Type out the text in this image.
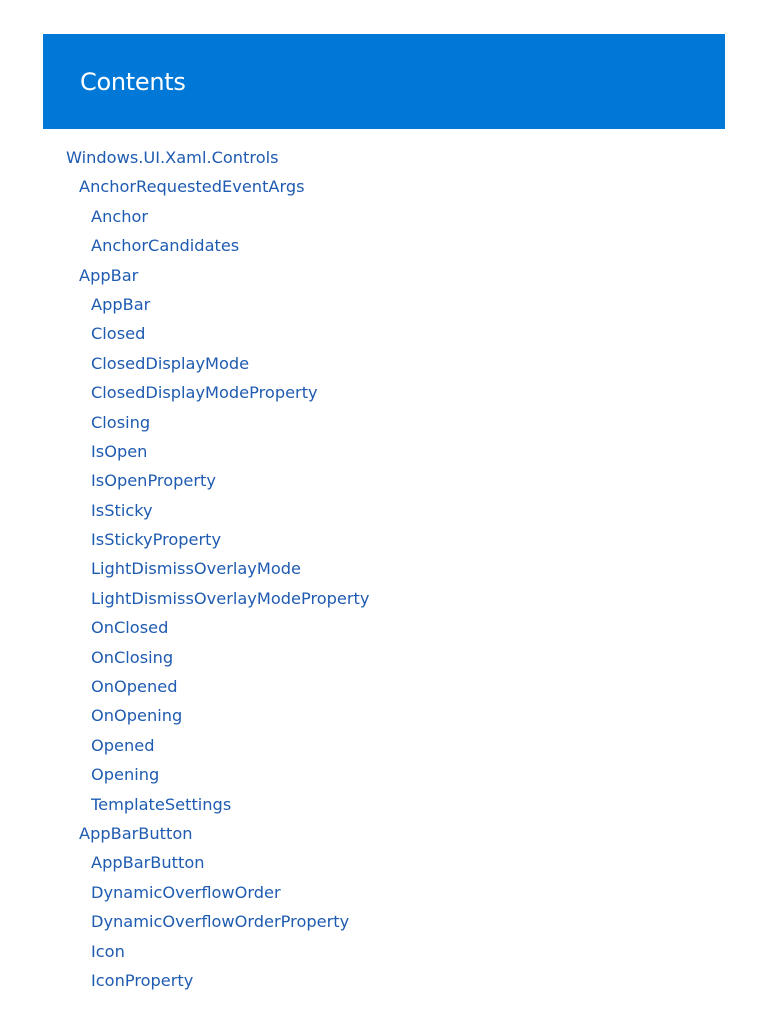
Contents
Windows.UI.Xaml.Controls
AnchorRequestedEventArgs
Anchor
AnchorCandidates
AppBar
AppBar
Closed
ClosedDisplayMode
ClosedDisplayModeProperty
Closing
IsOpen
IsOpenProperty
IsSticky
IsStickyProperty
LightDismissOverlayMode
LightDismissOverlayModeProperty
OnClosed
OnClosing
OnOpened
OnOpening
Opened
Opening
TemplateSettings
AppBarButton
AppBarButton
DynamicOverflowOrder
DynamicOverflowOrderProperty
Icon
IconProperty
